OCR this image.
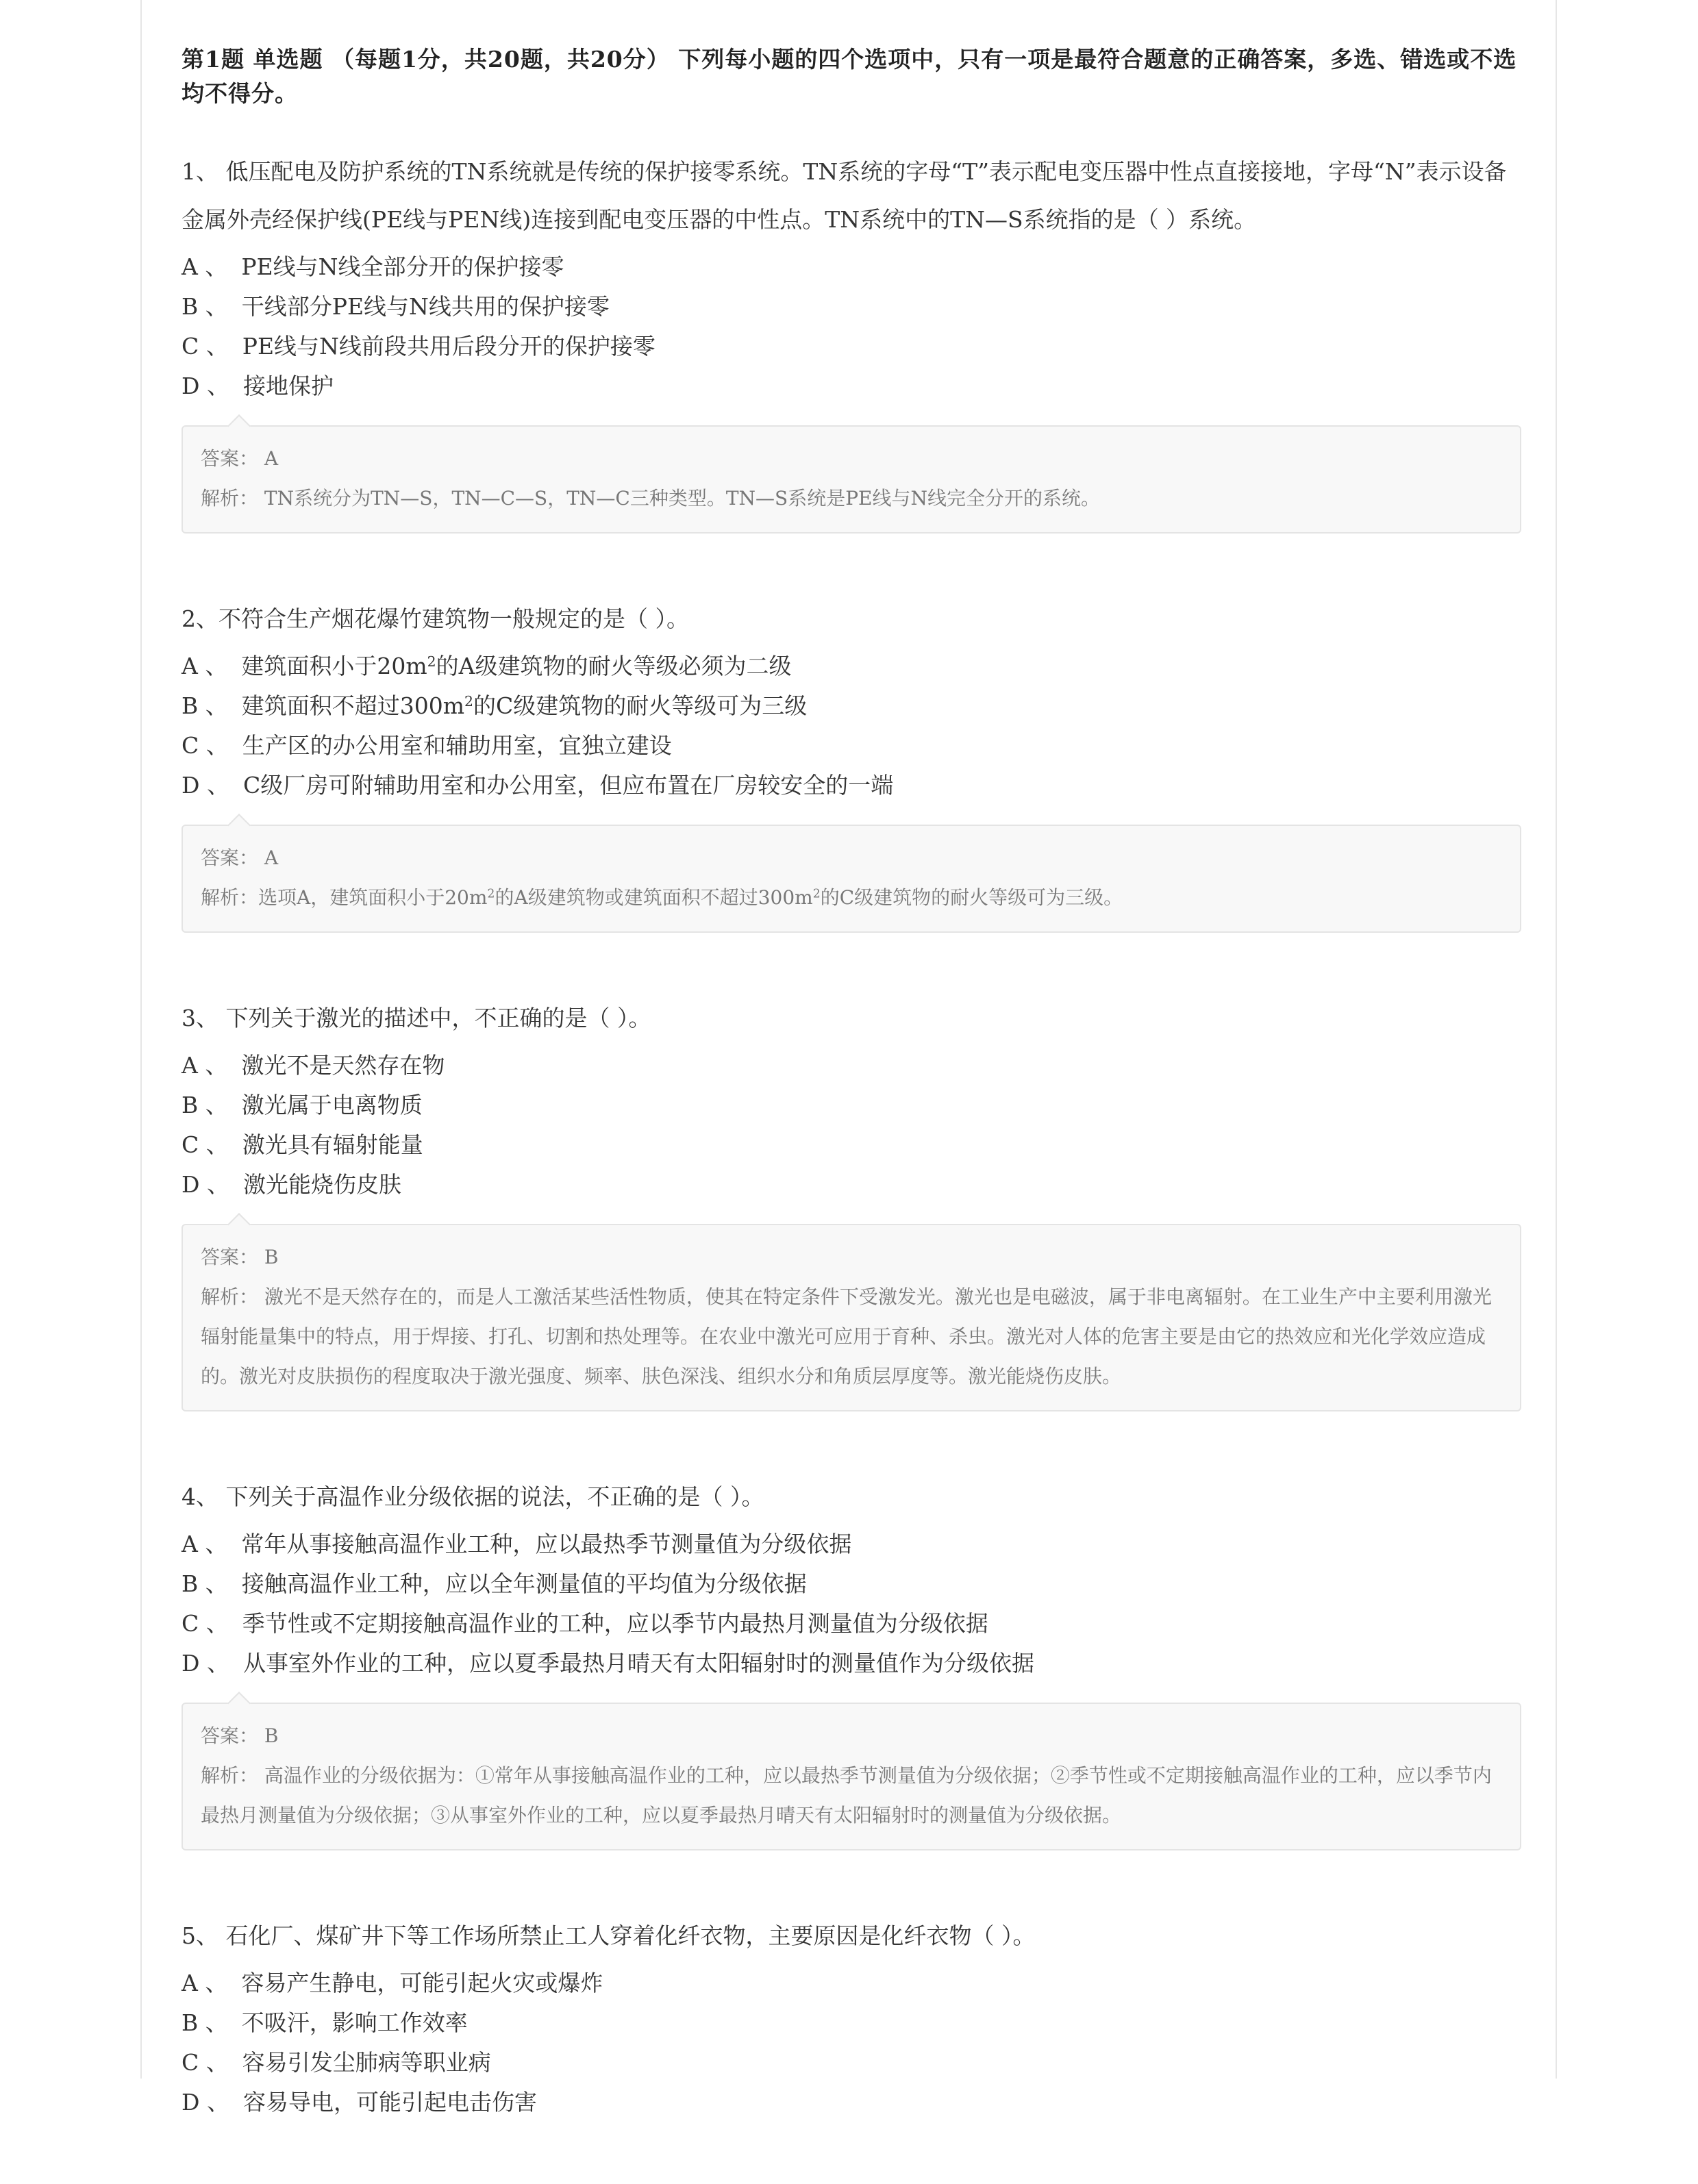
第1题 单选题 （每题1分，共20题，共20分） 下列每小题的四个选项中，只有一项是最符合题意的正确答案，多选、错选或不选均不得分。
1、 低压配电及防护系统的TN系统就是传统的保护接零系统。TN系统的字母“T”表示配电变压器中性点直接接地，字母“N”表示设备金属外壳经保护线(PE线与PEN线)连接到配电变压器的中性点。TN系统中的TN—S系统指的是（ ）系统。
A 、 PE线与N线全部分开的保护接零
B 、 干线部分PE线与N线共用的保护接零
C 、 PE线与N线前段共用后段分开的保护接零
D 、 接地保护
答案： A
解析： TN系统分为TN—S，TN—C—S，TN—C三种类型。TN—S系统是PE线与N线完全分开的系统。
2、不符合生产烟花爆竹建筑物一般规定的是（ ）。
A 、 建筑面积小于$20m^2$的A级建筑物的耐火等级必须为二级
B 、 建筑面积不超过$300m^2$的C级建筑物的耐火等级可为三级
C 、 生产区的办公用室和辅助用室，宜独立建设
D 、 C级厂房可附辅助用室和办公用室，但应布置在厂房较安全的一端
答案： A
解析：选项A，建筑面积小于$20m^2$的A级建筑物或建筑面积不超过$300m^2$的C级建筑物的耐火等级可为三级。
3、 下列关于激光的描述中，不正确的是（ ）。
A 、 激光不是天然存在物
B 、 激光属于电离物质
C 、 激光具有辐射能量
D 、 激光能烧伤皮肤
答案： B
解析： 激光不是天然存在的，而是人工激活某些活性物质，使其在特定条件下受激发光。激光也是电磁波，属于非电离辐射。在工业生产中主要利用激光辐射能量集中的特点，用于焊接、打孔、切割和热处理等。在农业中激光可应用于育种、杀虫。激光对人体的危害主要是由它的热效应和光化学效应造成的。激光对皮肤损伤的程度取决于激光强度、频率、肤色深浅、组织水分和角质层厚度等。激光能烧伤皮肤。
4、 下列关于高温作业分级依据的说法，不正确的是（ ）。
A 、 常年从事接触高温作业工种，应以最热季节测量值为分级依据
B 、 接触高温作业工种，应以全年测量值的平均值为分级依据
C 、 季节性或不定期接触高温作业的工种，应以季节内最热月测量值为分级依据
D 、 从事室外作业的工种，应以夏季最热月晴天有太阳辐射时的测量值作为分级依据
答案： B
解析： 高温作业的分级依据为：①常年从事接触高温作业的工种，应以最热季节测量值为分级依据；②季节性或不定期接触高温作业的工种，应以季节内最热月测量值为分级依据；③从事室外作业的工种，应以夏季最热月晴天有太阳辐射时的测量值为分级依据。
5、 石化厂、煤矿井下等工作场所禁止工人穿着化纤衣物，主要原因是化纤衣物（ ）。
A 、 容易产生静电，可能引起火灾或爆炸
B 、 不吸汗，影响工作效率
C 、 容易引发尘肺病等职业病
D 、 容易导电，可能引起电击伤害
